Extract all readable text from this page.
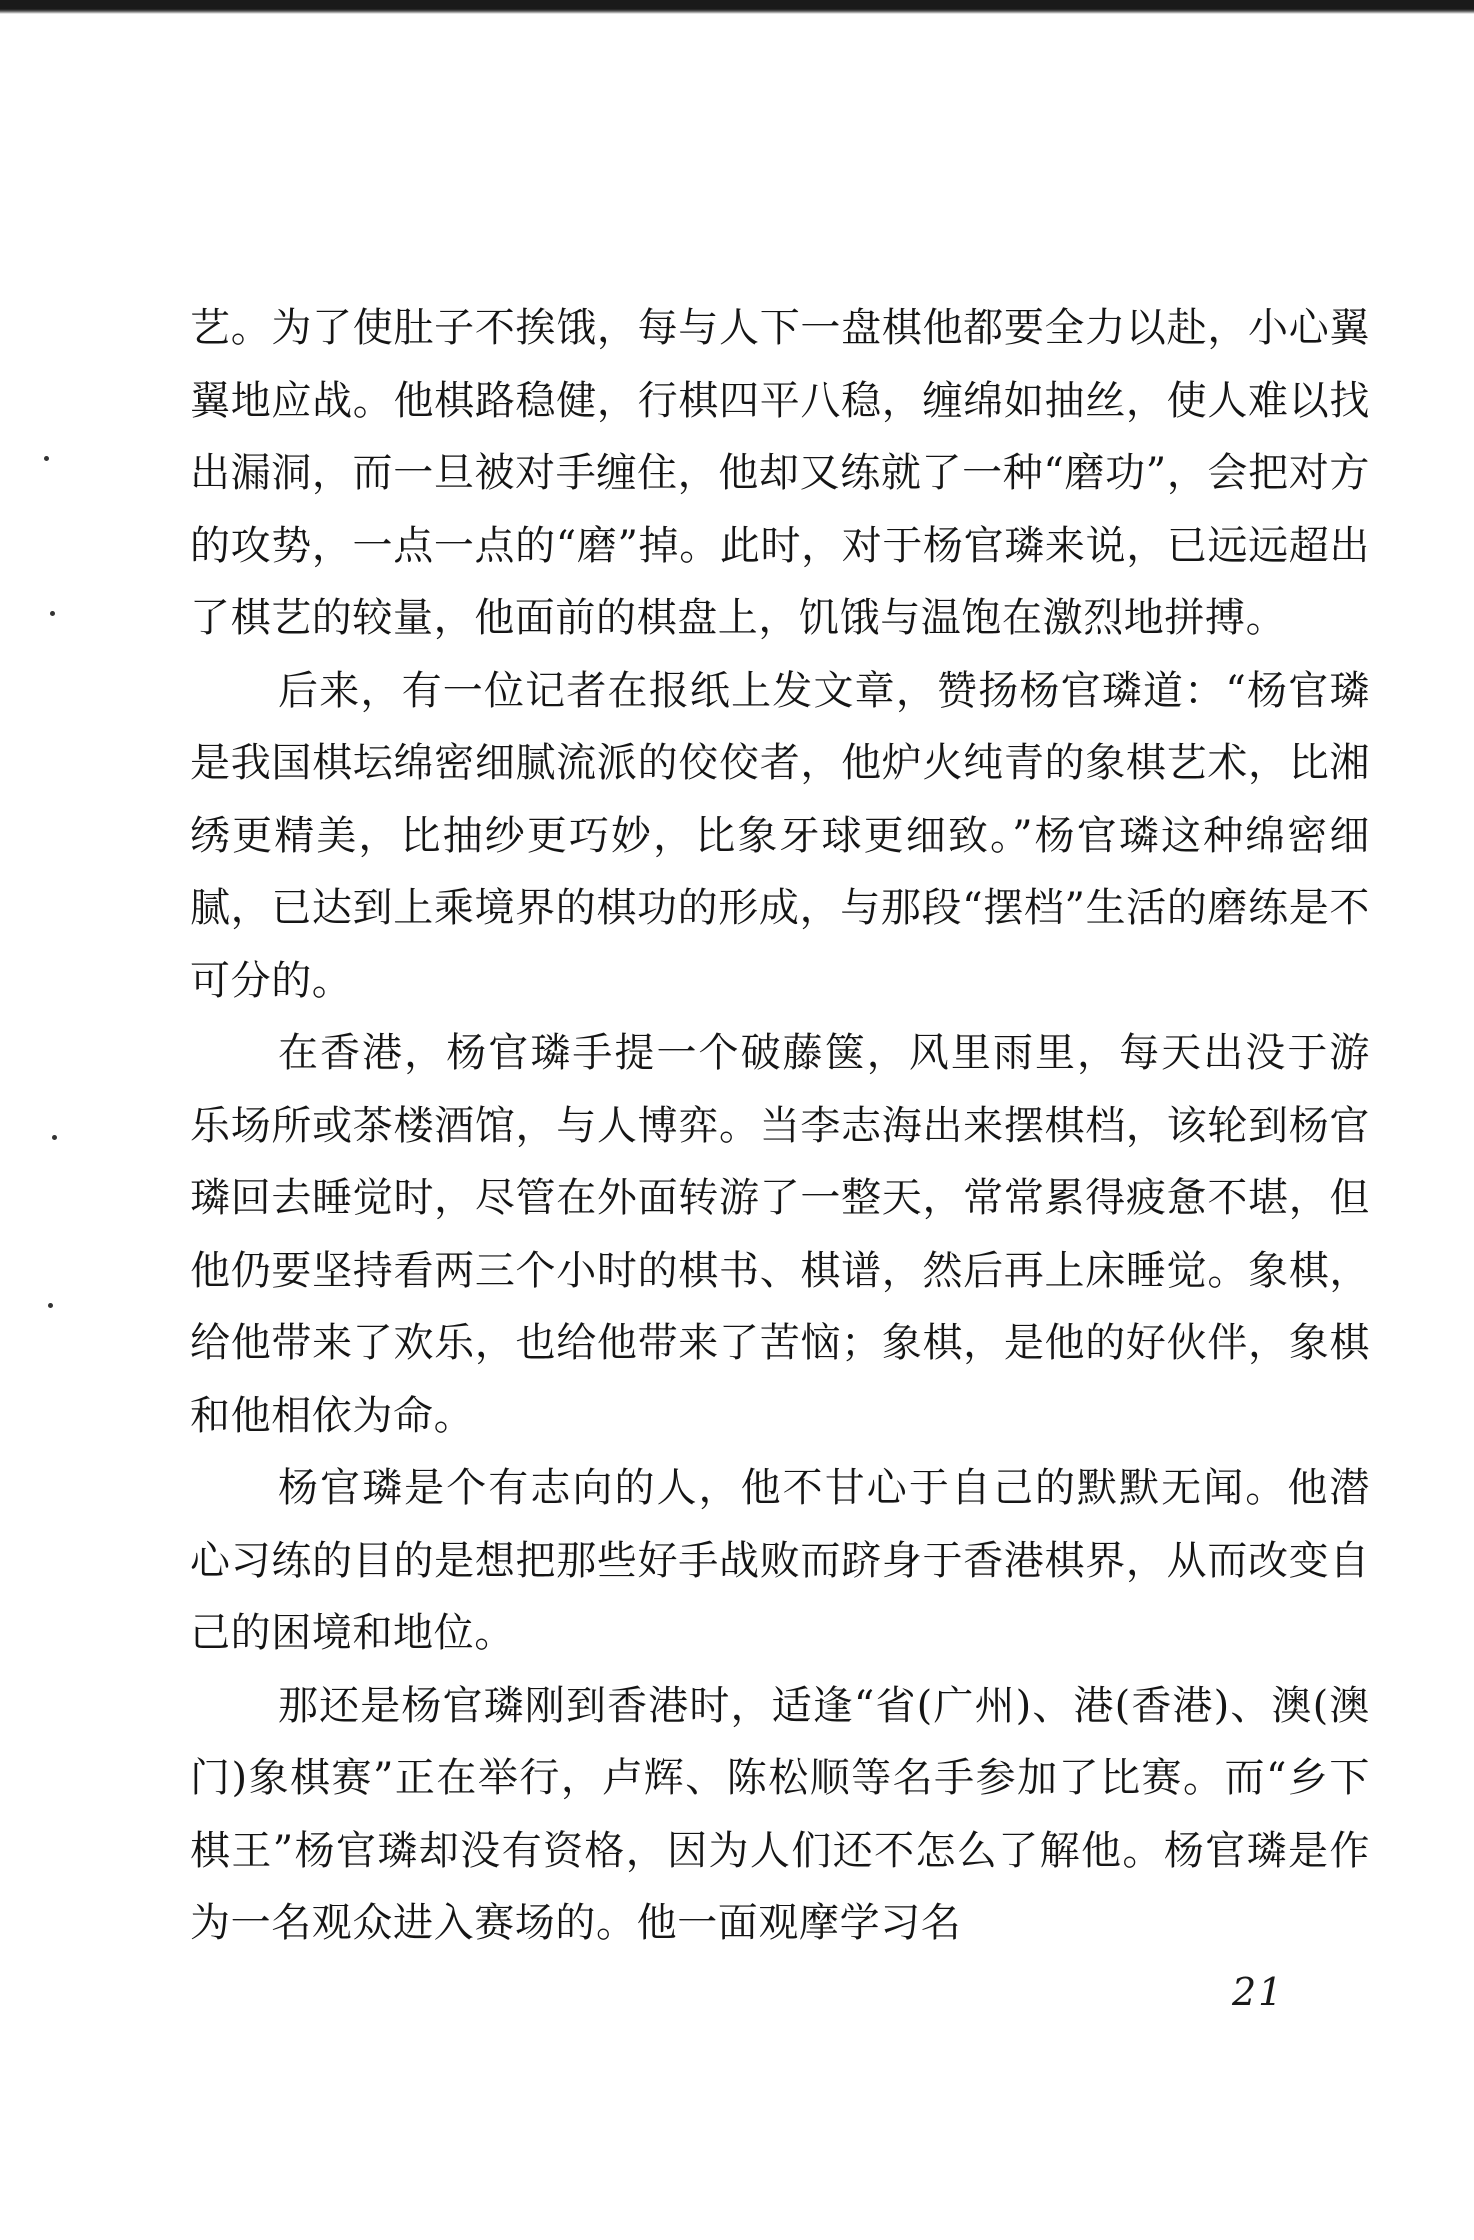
艺。为了使肚子不挨饿，每与人下一盘棋他都要全力以赴，小心翼翼地应战。他棋路稳健，行棋四平八稳，缠绵如抽丝，使人难以找出漏洞，而一旦被对手缠住，他却又练就了一种“磨功”，会把对方的攻势，一点一点的“磨”掉。此时，对于杨官璘来说，已远远超出了棋艺的较量，他面前的棋盘上，饥饿与温饱在激烈地拼搏。

后来，有一位记者在报纸上发文章，赞扬杨官璘道：“杨官璘是我国棋坛绵密细腻流派的佼佼者，他炉火纯青的象棋艺术，比湘绣更精美，比抽纱更巧妙，比象牙球更细致。”杨官璘这种绵密细腻，已达到上乘境界的棋功的形成，与那段“摆档”生活的磨练是不可分的。

在香港，杨官璘手提一个破藤箧，风里雨里，每天出没于游乐场所或茶楼酒馆，与人博弈。当李志海出来摆棋档，该轮到杨官璘回去睡觉时，尽管在外面转游了一整天，常常累得疲惫不堪，但他仍要坚持看两三个小时的棋书、棋谱，然后再上床睡觉。象棋，给他带来了欢乐，也给他带来了苦恼；象棋，是他的好伙伴，象棋和他相依为命。

杨官璘是个有志向的人，他不甘心于自己的默默无闻。他潜心习练的目的是想把那些好手战败而跻身于香港棋界，从而改变自己的困境和地位。

那还是杨官璘刚到香港时，适逢“省(广州)、港(香港)、澳(澳门)象棋赛”正在举行，卢辉、陈松顺等名手参加了比赛。而“乡下棋王”杨官璘却没有资格，因为人们还不怎么了解他。杨官璘是作为一名观众进入赛场的。他一面观摩学习名

21
